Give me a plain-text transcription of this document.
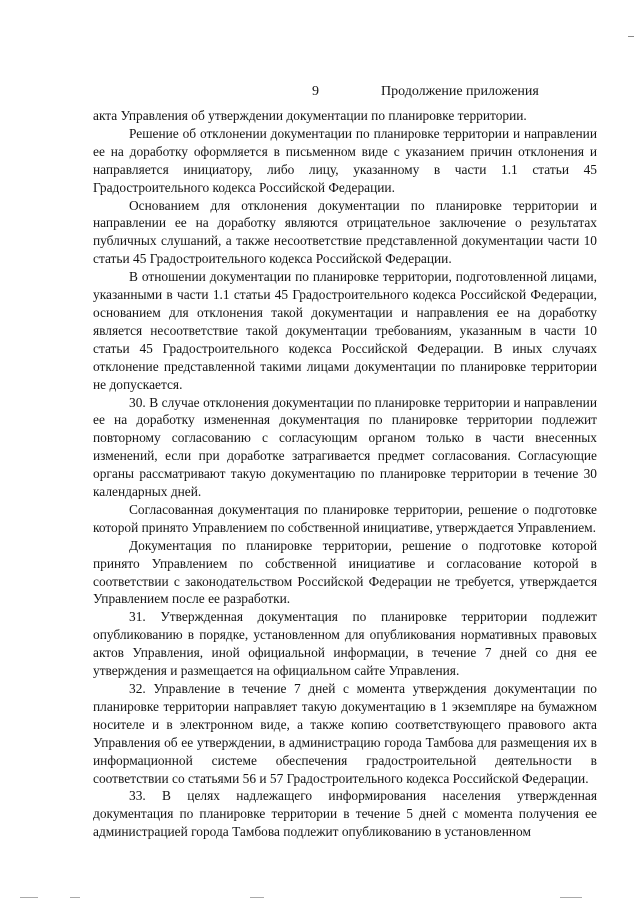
9	Продолжение приложения

акта Управления об утверждении документации по планировке территории.

Решение об отклонении документации по планировке территории и направлении ее на доработку оформляется в письменном виде с указанием причин отклонения и направляется инициатору, либо лицу, указанному в части 1.1 статьи 45 Градостроительного кодекса Российской Федерации.

Основанием для отклонения документации по планировке территории и направлении ее на доработку являются отрицательное заключение о результатах публичных слушаний, а также несоответствие представленной документации части 10 статьи 45 Градостроительного кодекса Российской Федерации.

В отношении документации по планировке территории, подготовленной лицами, указанными в части 1.1 статьи 45 Градостроительного кодекса Российской Федерации, основанием для отклонения такой документации и направления ее на доработку является несоответствие такой документации требованиям, указанным в части 10 статьи 45 Градостроительного кодекса Российской Федерации. В иных случаях отклонение представленной такими лицами документации по планировке территории не допускается.

30. В случае отклонения документации по планировке территории и направлении ее на доработку измененная документация по планировке территории подлежит повторному согласованию с согласующим органом только в части внесенных изменений, если при доработке затрагивается предмет согласования. Согласующие органы рассматривают такую документацию по планировке территории в течение 30 календарных дней.

Согласованная документация по планировке территории, решение о подготовке которой принято Управлением по собственной инициативе, утверждается Управлением.

Документация по планировке территории, решение о подготовке которой принято Управлением по собственной инициативе и согласование которой в соответствии с законодательством Российской Федерации не требуется, утверждается Управлением после ее разработки.

31. Утвержденная документация по планировке территории подлежит опубликованию в порядке, установленном для опубликования нормативных правовых актов Управления, иной официальной информации, в течение 7 дней со дня ее утверждения и размещается на официальном сайте Управления.

32. Управление в течение 7 дней с момента утверждения документации по планировке территории направляет такую документацию в 1 экземпляре на бумажном носителе и в электронном виде, а также копию соответствующего правового акта Управления об ее утверждении, в администрацию города Тамбова для размещения их в информационной системе обеспечения градостроительной деятельности в соответствии со статьями 56 и 57 Градостроительного кодекса Российской Федерации.

33. В целях надлежащего информирования населения утвержденная документация по планировке территории в течение 5 дней с момента получения ее администрацией города Тамбова подлежит опубликованию в установленном
